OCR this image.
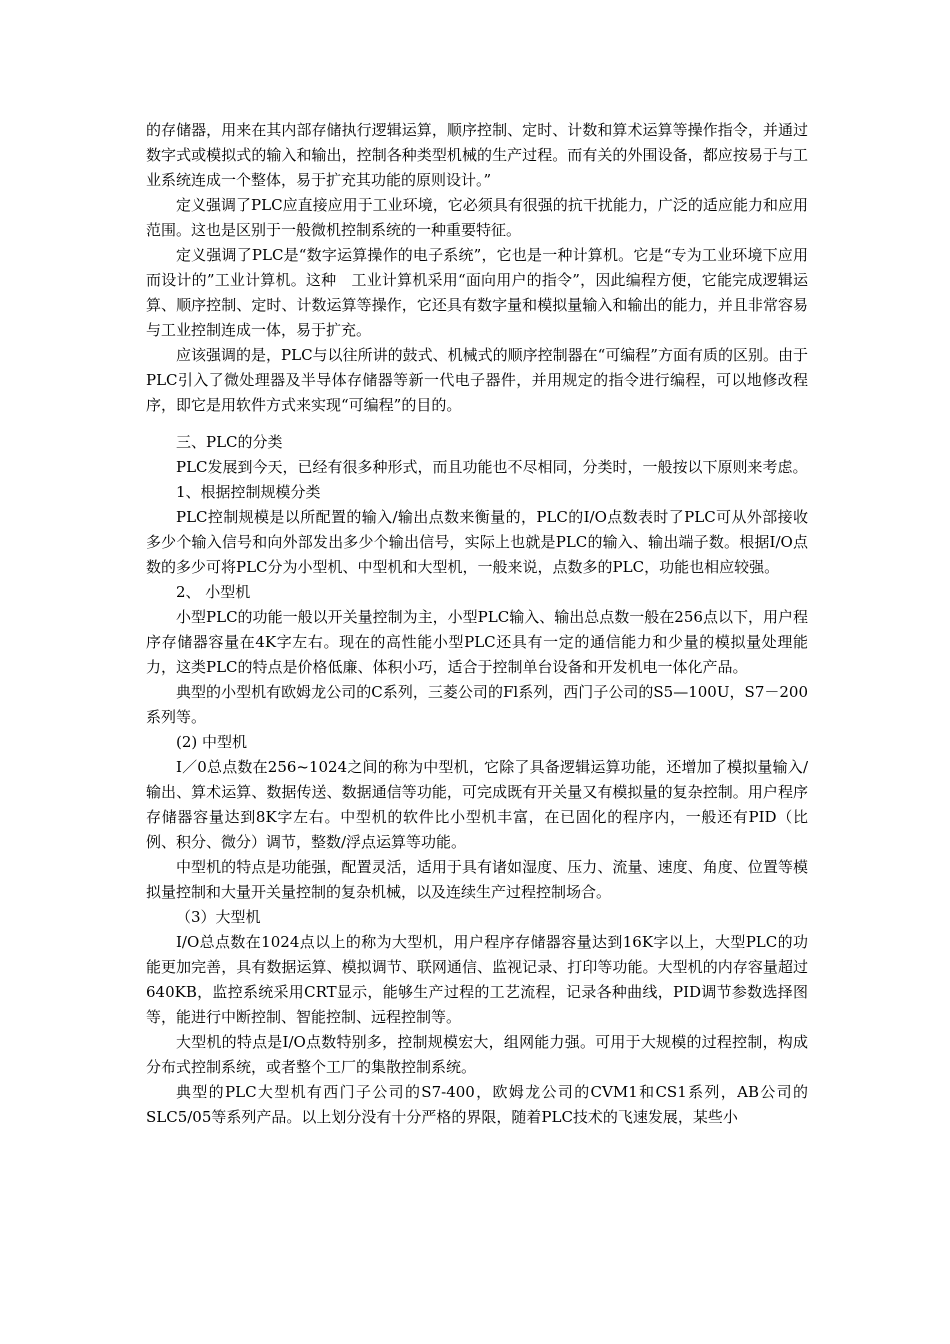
的存储器，用来在其内部存储执行逻辑运算，顺序控制、定时、计数和算术运算等操作指令，并通过数字式或模拟式的输入和输出，控制各种类型机械的生产过程。而有关的外围设备，都应按易于与工业系统连成一个整体，易于扩充其功能的原则设计。”

定义强调了PLC应直接应用于工业环境，它必须具有很强的抗干扰能力，广泛的适应能力和应用范围。这也是区别于一般微机控制系统的一种重要特征。

定义强调了PLC是“数字运算操作的电子系统”，它也是一种计算机。它是“专为工业环境下应用而设计的”工业计算机。这种　工业计算机采用“面向用户的指令”，因此编程方便，它能完成逻辑运算、顺序控制、定时、计数运算等操作，它还具有数字量和模拟量输入和输出的能力，并且非常容易与工业控制连成一体，易于扩充。

应该强调的是，PLC与以往所讲的鼓式、机械式的顺序控制器在“可编程”方面有质的区别。由于PLC引入了微处理器及半导体存储器等新一代电子器件，并用规定的指令进行编程，可以地修改程序，即它是用软件方式来实现“可编程”的目的。

三、PLC的分类

PLC发展到今天，已经有很多种形式，而且功能也不尽相同，分类时，一般按以下原则来考虑。

1、根据控制规模分类

PLC控制规模是以所配置的输入/输出点数来衡量的，PLC的I/O点数表时了PLC可从外部接收多少个输入信号和向外部发出多少个输出信号，实际上也就是PLC的输入、输出端子数。根据I/O点数的多少可将PLC分为小型机、中型机和大型机，一般来说，点数多的PLC，功能也相应较强。

2、 小型机

小型PLC的功能一般以开关量控制为主，小型PLC输入、输出总点数一般在256点以下，用户程序存储器容量在4K字左右。现在的高性能小型PLC还具有一定的通信能力和少量的模拟量处理能力，这类PLC的特点是价格低廉、体积小巧，适合于控制单台设备和开发机电一体化产品。

典型的小型机有欧姆龙公司的C系列，三菱公司的Fl系列，西门子公司的S5—100U，S7－200系列等。

(2) 中型机

I／0总点数在256~1024之间的称为中型机，它除了具备逻辑运算功能，还增加了模拟量输入/输出、算术运算、数据传送、数据通信等功能，可完成既有开关量又有模拟量的复杂控制。用户程序存储器容量达到8K字左右。中型机的软件比小型机丰富，在已固化的程序内，一般还有PID（比例、积分、微分）调节，整数/浮点运算等功能。

中型机的特点是功能强，配置灵活，适用于具有诸如湿度、压力、流量、速度、角度、位置等模拟量控制和大量开关量控制的复杂机械，以及连续生产过程控制场合。

（3）大型机

I/O总点数在1024点以上的称为大型机，用户程序存储器容量达到16K字以上，大型PLC的功能更加完善，具有数据运算、模拟调节、联网通信、监视记录、打印等功能。大型机的内存容量超过640KB，监控系统采用CRT显示，能够生产过程的工艺流程，记录各种曲线，PID调节参数选择图等，能进行中断控制、智能控制、远程控制等。

大型机的特点是I/O点数特别多，控制规模宏大，组网能力强。可用于大规模的过程控制，构成分布式控制系统，或者整个工厂的集散控制系统。

典型的PLC大型机有西门子公司的S7-400，欧姆龙公司的CVM1和CS1系列，AB公司的SLC5/05等系列产品。以上划分没有十分严格的界限，随着PLC技术的飞速发展，某些小
